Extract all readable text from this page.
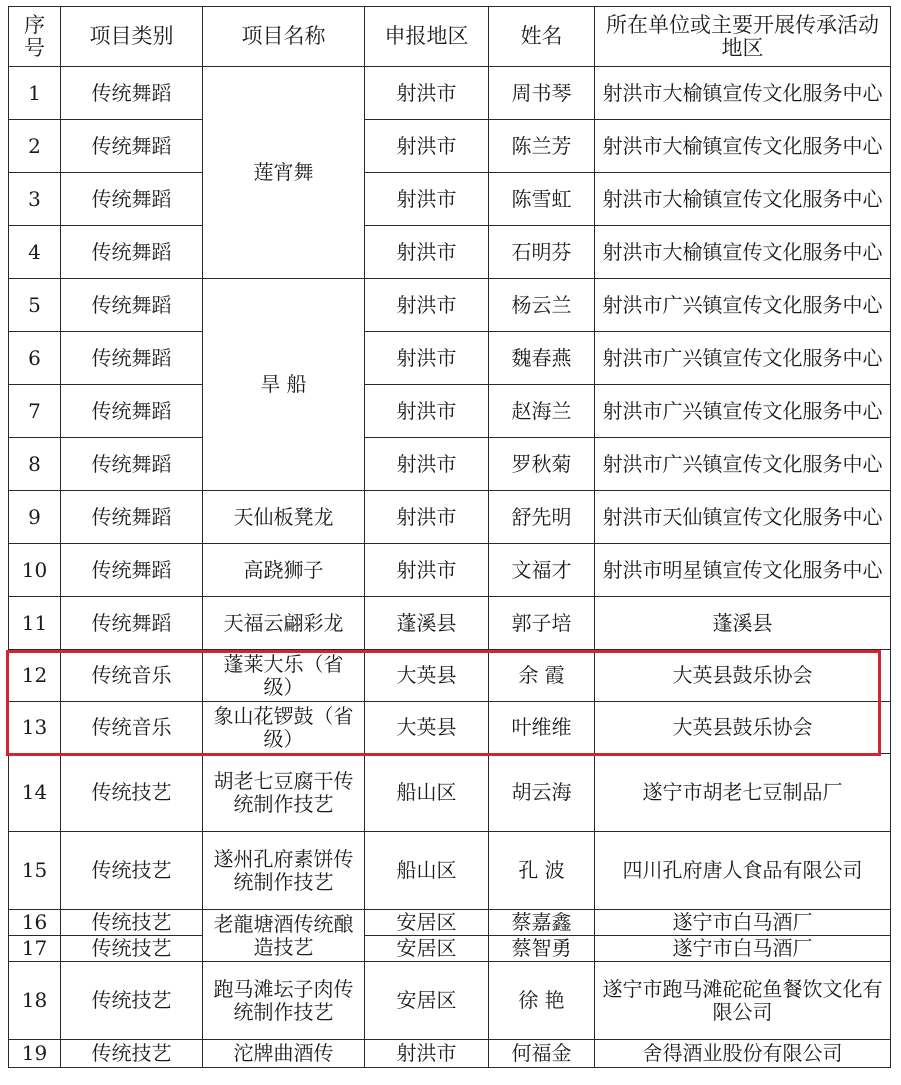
序
号	项目类别	项目名称	申报地区	姓名	所在单位或主要开展传承活动地区
1	传统舞蹈	莲宵舞	射洪市	周书琴	射洪市大榆镇宣传文化服务中心
2	传统舞蹈		射洪市	陈兰芳	射洪市大榆镇宣传文化服务中心
3	传统舞蹈		射洪市	陈雪虹	射洪市大榆镇宣传文化服务中心
4	传统舞蹈		射洪市	石明芬	射洪市大榆镇宣传文化服务中心
5	传统舞蹈	旱 船	射洪市	杨云兰	射洪市广兴镇宣传文化服务中心
6	传统舞蹈		射洪市	魏春燕	射洪市广兴镇宣传文化服务中心
7	传统舞蹈		射洪市	赵海兰	射洪市广兴镇宣传文化服务中心
8	传统舞蹈		射洪市	罗秋菊	射洪市广兴镇宣传文化服务中心
9	传统舞蹈	天仙板凳龙	射洪市	舒先明	射洪市天仙镇宣传文化服务中心
10	传统舞蹈	高跷狮子	射洪市	文福才	射洪市明星镇宣传文化服务中心
11	传统舞蹈	天福云翩彩龙	蓬溪县	郭子培	蓬溪县
12	传统音乐	蓬莱大乐（省级）	大英县	余 霞	大英县鼓乐协会
13	传统音乐	象山花锣鼓（省级）	大英县	叶维维	大英县鼓乐协会
14	传统技艺	胡老七豆腐干传统制作技艺	船山区	胡云海	遂宁市胡老七豆制品厂
15	传统技艺	遂州孔府素饼传统制作技艺	船山区	孔 波	四川孔府唐人食品有限公司
16	传统技艺	老龍塘酒传统酿造技艺	安居区	蔡嘉鑫	遂宁市白马酒厂
17	传统技艺		安居区	蔡智勇	遂宁市白马酒厂
18	传统技艺	跑马滩坛子肉传统制作技艺	安居区	徐 艳	遂宁市跑马滩砣砣鱼餐饮文化有限公司
19	传统技艺	沱牌曲酒传	射洪市	何福金	舍得酒业股份有限公司
